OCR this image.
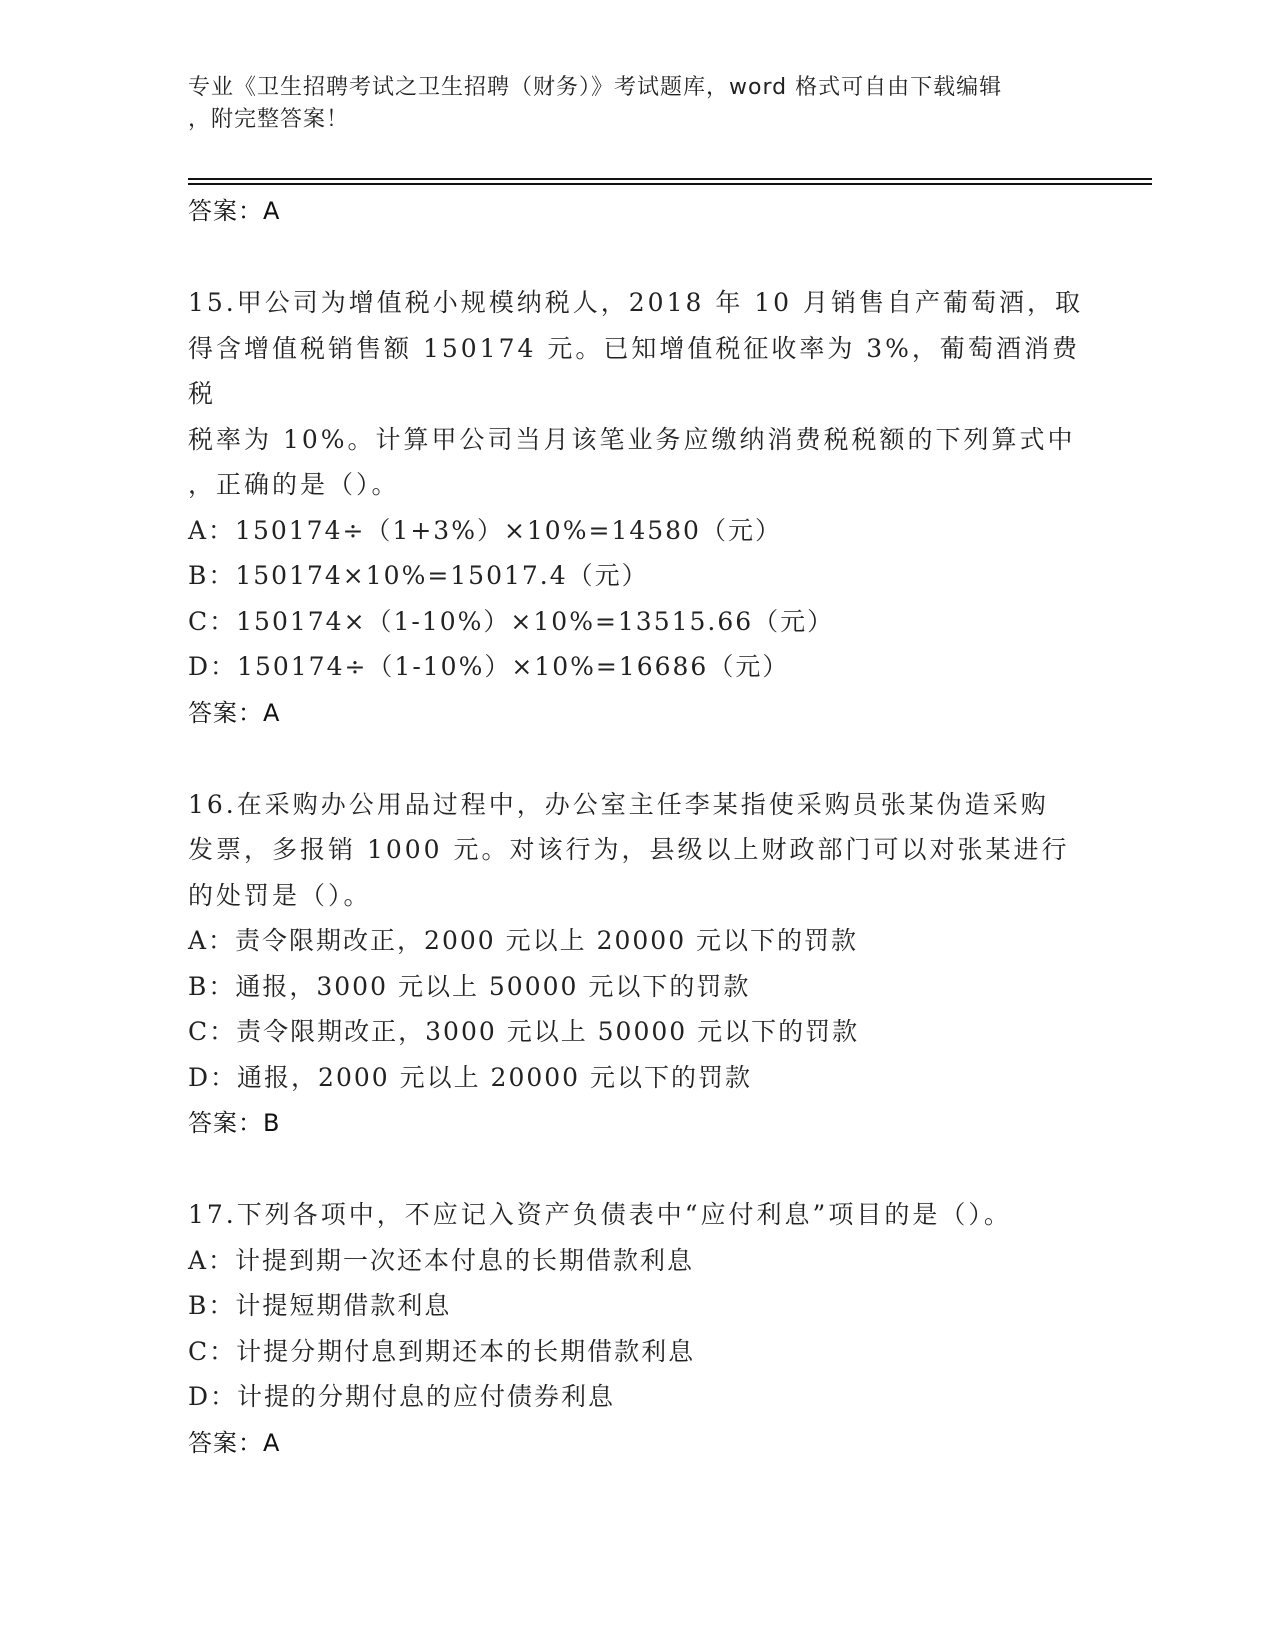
专业《卫生招聘考试之卫生招聘（财务）》考试题库，word 格式可自由下载编辑
，附完整答案！
答案：A
15.甲公司为增值税小规模纳税人，2018 年 10 月销售自产葡萄酒，取
得含增值税销售额 150174 元。已知增值税征收率为 3%，葡萄酒消费税
税率为 10%。计算甲公司当月该笔业务应缴纳消费税税额的下列算式中
，正确的是（）。
A：150174÷（1+3%）×10%=14580（元）
B：150174×10%=15017.4（元）
C：150174×（1-10%）×10%=13515.66（元）
D：150174÷（1-10%）×10%=16686（元）
答案：A
16.在采购办公用品过程中，办公室主任李某指使采购员张某伪造采购
发票，多报销 1000 元。对该行为，县级以上财政部门可以对张某进行
的处罚是（）。
A：责令限期改正，2000 元以上 20000 元以下的罚款
B：通报，3000 元以上 50000 元以下的罚款
C：责令限期改正，3000 元以上 50000 元以下的罚款
D：通报，2000 元以上 20000 元以下的罚款
答案：B
17.下列各项中，不应记入资产负债表中“应付利息”项目的是（）。
A：计提到期一次还本付息的长期借款利息
B：计提短期借款利息
C：计提分期付息到期还本的长期借款利息
D：计提的分期付息的应付债券利息
答案：A
